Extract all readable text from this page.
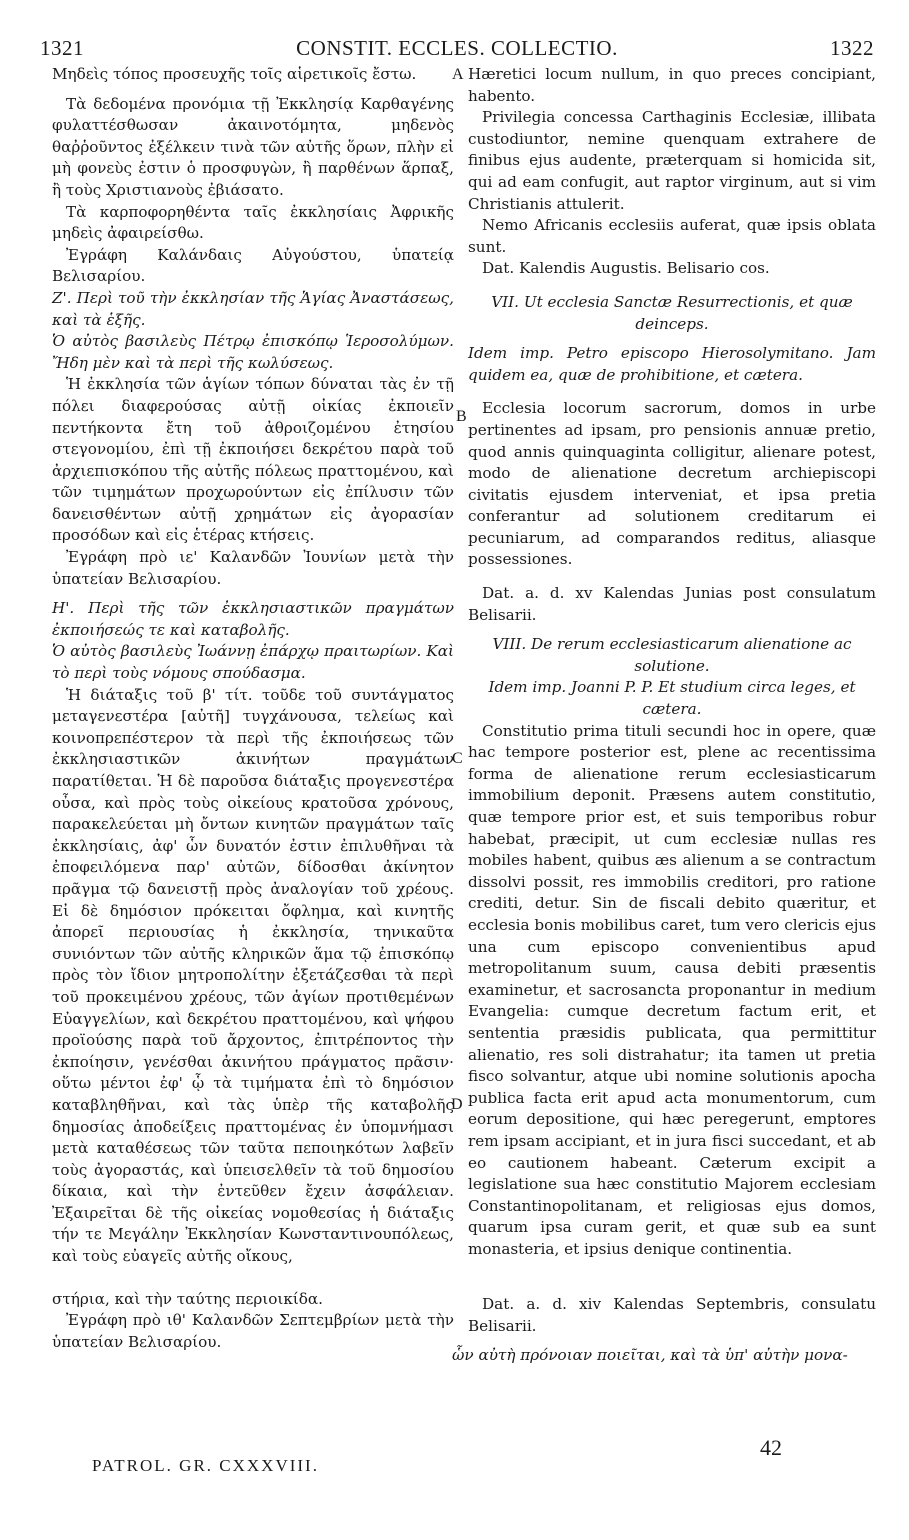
1321	CONSTIT. ECCLES. COLLECTIO.	1322
A
B
C
D

Μηδεὶς τόπος προσευχῆς τοῖς αἱρετικοῖς ἔστω.

Τὰ δεδομένα προνόμια τῇ Ἐκκλησίᾳ Καρθαγένης φυλαττέσθωσαν ἀκαινοτόμητα, μηδενὸς θαῤῥοῦντος ἐξέλκειν τινὰ τῶν αὐτῆς ὅρων, πλὴν εἰ μὴ φονεὺς ἐστιν ὁ προσφυγὼν, ἢ παρθένων ἅρπαξ, ἢ τοὺς Χριστιανοὺς ἐβιάσατο.

Τὰ καρποφορηθέντα ταῖς ἐκκλησίαις Ἀφρικῆς μηδεὶς ἀφαιρείσθω.

Ἐγράφη Καλάνδαις Αὐγούστου, ὑπατείᾳ Βελισαρίου.

Ζ'. Περὶ τοῦ τὴν ἐκκλησίαν τῆς Ἁγίας Ἀναστάσεως, καὶ τὰ ἑξῆς.

Ὁ αὐτὸς βασιλεὺς Πέτρῳ ἐπισκόπῳ Ἱεροσολύμων. Ἤδη μὲν καὶ τὰ περὶ τῆς κωλύσεως.

Ἡ ἐκκλησία τῶν ἁγίων τόπων δύναται τὰς ἐν τῇ πόλει διαφερούσας αὐτῇ οἰκίας ἐκποιεῖν πεντήκοντα ἔτη τοῦ ἀθροιζομένου ἐτησίου στεγονομίου, ἐπὶ τῇ ἐκποιήσει δεκρέτου παρὰ τοῦ ἀρχιεπισκόπου τῆς αὐτῆς πόλεως πραττομένου, καὶ τῶν τιμημάτων προχωρούντων εἰς ἐπίλυσιν τῶν δανεισθέντων αὐτῇ χρημάτων εἰς ἀγορασίαν προσόδων καὶ εἰς ἑτέρας κτήσεις.

Ἐγράφη πρὸ ιε' Καλανδῶν Ἰουνίων μετὰ τὴν ὑπατείαν Βελισαρίου.

Η'. Περὶ τῆς τῶν ἐκκλησιαστικῶν πραγμάτων ἐκποιήσεώς τε καὶ καταβολῆς.

Ὁ αὐτὸς βασιλεὺς Ἰωάννῃ ἐπάρχῳ πραιτωρίων. Καὶ τὸ περὶ τοὺς νόμους σπούδασμα.

Ἡ διάταξις τοῦ β' τίτ. τοῦδε τοῦ συντάγματος μεταγενεστέρα [αὐτῆ] τυγχάνουσα, τελείως καὶ κοινοπρεπέστερον τὰ περὶ τῆς ἐκποιήσεως τῶν ἐκκλησιαστικῶν ἀκινήτων πραγμάτων παρατίθεται. Ἡ δὲ παροῦσα διάταξις προγενεστέρα οὖσα, καὶ πρὸς τοὺς οἰκείους κρατοῦσα χρόνους, παρακελεύεται μὴ ὄντων κινητῶν πραγμάτων ταῖς ἐκκλησίαις, ἀφ' ὧν δυνατόν ἐστιν ἐπιλυθῆναι τὰ ἐποφειλόμενα παρ' αὐτῶν, δίδοσθαι ἀκίνητον πρᾶγμα τῷ δανειστῇ πρὸς ἀναλογίαν τοῦ χρέους. Εἰ δὲ δημόσιον πρόκειται ὄφλημα, καὶ κινητῆς ἀπορεῖ περιουσίας ἡ ἐκκλησία, τηνικαῦτα συνιόντων τῶν αὐτῆς κληρικῶν ἅμα τῷ ἐπισκόπῳ πρὸς τὸν ἴδιον μητροπολίτην ἐξετάζεσθαι τὰ περὶ τοῦ προκειμένου χρέους, τῶν ἁγίων προτιθεμένων Εὐαγγελίων, καὶ δεκρέτου πραττομένου, καὶ ψήφου προϊούσης παρὰ τοῦ ἄρχοντος, ἐπιτρέποντος τὴν ἐκποίησιν, γενέσθαι ἀκινήτου πράγματος πρᾶσιν· οὕτω μέντοι ἐφ' ᾧ τὰ τιμήματα ἐπὶ τὸ δημόσιον καταβληθῆναι, καὶ τὰς ὑπὲρ τῆς καταβολῆς δημοσίας ἀποδείξεις πραττομένας ἐν ὑπομνήμασι μετὰ καταθέσεως τῶν ταῦτα πεποιηκότων λαβεῖν τοὺς ἀγοραστάς, καὶ ὑπεισελθεῖν τὰ τοῦ δημοσίου δίκαια, καὶ τὴν ἐντεῦθεν ἔχειν ἀσφάλειαν. Ἐξαιρεῖται δὲ τῆς οἰκείας νομοθεσίας ἡ διάταξις τήν τε Μεγάλην Ἐκκλησίαν Κωνσταντινουπόλεως, καὶ τοὺς εὐαγεῖς αὐτῆς οἴκους,

στήρια, καὶ τὴν ταύτης περιοικίδα.

Ἐγράφη πρὸ ιθ' Καλανδῶν Σεπτεμβρίων μετὰ τὴν ὑπατείαν Βελισαρίου.

Hæretici locum nullum, in quo preces concipiant, habento.

Privilegia concessa Carthaginis Ecclesiæ, illibata custodiuntor, nemine quenquam extrahere de finibus ejus audente, præterquam si homicida sit, qui ad eam confugit, aut raptor virginum, aut si vim Christianis attulerit.

Nemo Africanis ecclesiis auferat, quæ ipsis oblata sunt.

Dat. Kalendis Augustis. Belisario cos.

VII. Ut ecclesia Sanctæ Resurrectionis, et quæ deinceps.

Idem imp. Petro episcopo Hierosolymitano. Jam quidem ea, quæ de prohibitione, et cætera.

Ecclesia locorum sacrorum, domos in urbe pertinentes ad ipsam, pro pensionis annuæ pretio, quod annis quinquaginta colligitur, alienare potest, modo de alienatione decretum archiepiscopi civitatis ejusdem interveniat, et ipsa pretia conferantur ad solutionem creditarum ei pecuniarum, ad comparandos reditus, aliasque possessiones.

Dat. a. d. xv Kalendas Junias post consulatum Belisarii.

VIII. De rerum ecclesiasticarum alienatione ac solutione.

Idem imp. Joanni P. P. Et studium circa leges, et cætera.

Constitutio prima tituli secundi hoc in opere, quæ hac tempore posterior est, plene ac recentissima forma de alienatione rerum ecclesiasticarum immobilium deponit. Præsens autem constitutio, quæ tempore prior est, et suis temporibus robur habebat, præcipit, ut cum ecclesiæ nullas res mobiles habent, quibus æs alienum a se contractum dissolvi possit, res immobilis creditori, pro ratione crediti, detur. Sin de fiscali debito quæritur, et ecclesia bonis mobilibus caret, tum vero clericis ejus una cum episcopo convenientibus apud metropolitanum suum, causa debiti præsentis examinetur, et sacrosancta proponantur in medium Evangelia: cumque decretum factum erit, et sententia præsidis publicata, qua permittitur alienatio, res soli distrahatur; ita tamen ut pretia fisco solvantur, atque ubi nomine solutionis apocha publica facta erit apud acta monumentorum, cum eorum depositione, qui hæc peregerunt, emptores rem ipsam accipiant, et in jura fisci succedant, et ab eo cautionem habeant. Cæterum excipit a legislatione sua hæc constitutio Majorem ecclesiam Constantinopolitanam, et religiosas ejus domos, quarum ipsa curam gerit, et quæ sub ea sunt monasteria, et ipsius denique continentia.

Dat. a. d. xiv Kalendas Septembris, consulatu Belisarii.

ὧν αὐτὴ πρόνοιαν ποιεῖται, καὶ τὰ ὑπ' αὐτὴν μονα-
PATROL. GR. CXXXVIII.
42
